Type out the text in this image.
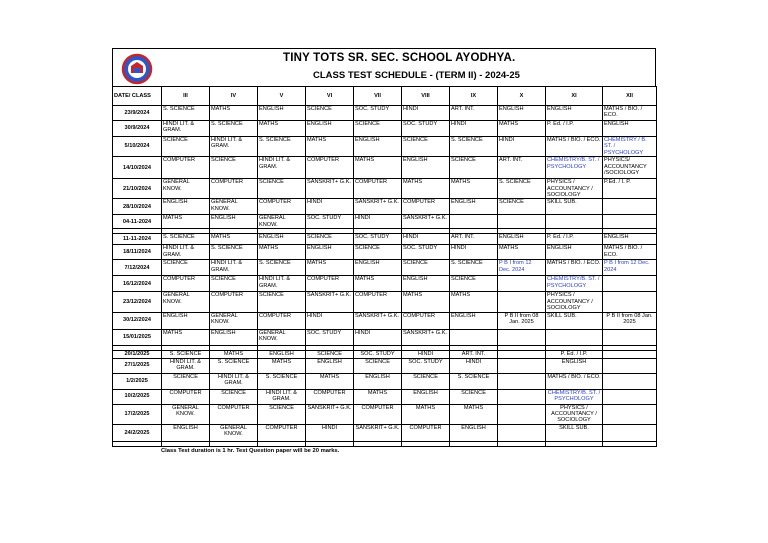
TINY TOTS SR. SEC. SCHOOL AYODHYA.
CLASS TEST SCHEDULE - (TERM II) - 2024-25
DATE/ CLASS	III	IV	V	VI	VII	VIII	IX	X	XI	XII
23/9/2024	S. SCIENCE	MATHS	ENGLISH	SCIENCE	SOC. STUDY	HINDI	ART. INT.	ENGLISH	ENGLISH	MATHS / BIO. / ECO.
30/9/2024	HINDI LIT. & GRAM.	S. SCIENCE	MATHS	ENGLISH	SCIENCE	SOC. STUDY	HINDI	MATHS	P. Ed. / I.P.	ENGLISH
5/10/2024	SCIENCE	HINDI LIT. & GRAM.	S. SCIENCE	MATHS	ENGLISH	SCIENCE	S. SCIENCE	HINDI	MATHS / BIO. / ECO.	CHEMISTRY / B. ST. / PSYCHOLOGY
14/10/2024	COMPUTER	SCIENCE	HINDI LIT. & GRAM.	COMPUTER	MATHS	ENGLISH	SCIENCE	ART. INT.	CHEMISTRY/B. ST. / PSYCHOLOGY	PHYSICS/ ACCOUNTANCY /SOCIOLOGY
21/10/2024	GENERAL KNOW.	COMPUTER	SCIENCE	SANSKRIT+ G.K.	COMPUTER	MATHS	MATHS	S. SCIENCE	PHYSICS / ACCOUNTANCY / SOCIOLOGY	P.Ed. / I. P.
28/10/2024	ENGLISH	GENERAL KNOW.	COMPUTER	HINDI	SANSKRIT+ G.K.	COMPUTER	ENGLISH	SCIENCE	SKILL SUB.	
04-11-2024	MATHS	ENGLISH	GENERAL KNOW.	SOC. STUDY	HINDI	SANSKRIT+ G.K.				

11-11-2024	S. SCIENCE	MATHS	ENGLISH	SCIENCE	SOC. STUDY	HINDI	ART. INT.	ENGLISH	P. Ed. / I.P.	ENGLISH
18/11/2024	HINDI LIT. & GRAM.	S. SCIENCE	MATHS	ENGLISH	SCIENCE	SOC. STUDY	HINDI	MATHS	ENGLISH	MATHS / BIO. / ECO.
7/12/2024	SCIENCE	HINDI LIT. & GRAM.	S. SCIENCE	MATHS	ENGLISH	SCIENCE	S. SCIENCE	P B I from 12 Dec. 2024	MATHS / BIO. / ECO.	P B I from 12 Dec. 2024
16/12/2024	COMPUTER	SCIENCE	HINDI LIT. & GRAM.	COMPUTER	MATHS	ENGLISH	SCIENCE		CHEMISTRY/B. ST. / PSYCHOLOGY	
23/12/2024	GENERAL KNOW.	COMPUTER	SCIENCE	SANSKRIT+ G.K.	COMPUTER	MATHS	MATHS		PHYSICS / ACCOUNTANCY / SOCIOLOGY	
30/12/2024	ENGLISH	GENERAL KNOW.	COMPUTER	HINDI	SANSKRIT+ G.K.	COMPUTER	ENGLISH	P B II from 08 Jan. 2025	SKILL SUB.	P B II from 08 Jan. 2025
15/01/2025	MATHS	ENGLISH	GENERAL KNOW.	SOC. STUDY	HINDI	SANSKRIT+ G.K.				

20/1/2025	S. SCIENCE	MATHS	ENGLISH	SCIENCE	SOC. STUDY	HINDI	ART. INT.		P. Ed. / I.P.	
27/1/2025	HINDI LIT. & GRAM.	S. SCIENCE	MATHS	ENGLISH	SCIENCE	SOC. STUDY	HINDI		ENGLISH	
1/2/2025	SCIENCE	HINDI LIT. & GRAM.	S. SCIENCE	MATHS	ENGLISH	SCIENCE	S. SCIENCE		MATHS / BIO. / ECO.	
10/2/2025	COMPUTER	SCIENCE	HINDI LIT. & GRAM.	COMPUTER	MATHS	ENGLISH	SCIENCE		CHEMISTRY/B. ST. / PSYCHOLOGY	
17/2/2025	GENERAL KNOW.	COMPUTER	SCIENCE	SANSKRIT+ G.K.	COMPUTER	MATHS	MATHS		PHYSICS / ACCOUNTANCY / SOCIOLOGY	
24/2/2025	ENGLISH	GENERAL KNOW.	COMPUTER	HINDI	SANSKRIT+ G.K.	COMPUTER	ENGLISH		SKILL SUB.	

Class Test duration is 1 hr. Test Question paper will be 20 marks.
